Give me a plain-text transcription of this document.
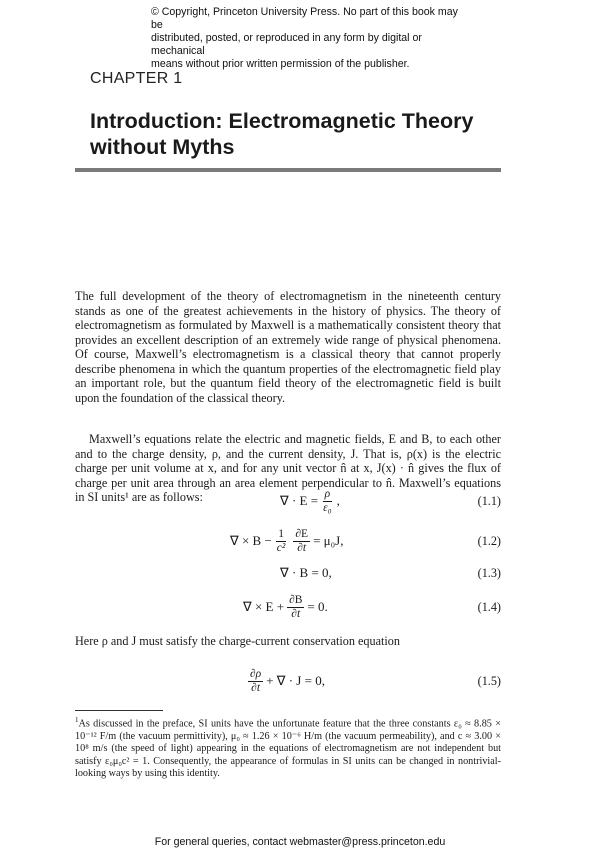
© Copyright, Princeton University Press. No part of this book may be
distributed, posted, or reproduced in any form by digital or mechanical
means without prior written permission of the publisher.
CHAPTER 1
Introduction: Electromagnetic Theory
without Myths

The full development of the theory of electromagnetism in the nineteenth century stands as one of the greatest achievements in the history of physics. The theory of electromagnetism as formulated by Maxwell is a mathematically consistent theory that provides an excellent description of an extremely wide range of physical phenomena. Of course, Maxwell’s electromagnetism is a classical theory that cannot properly describe phenomena in which the quantum properties of the electromagnetic field play an important role, but the quantum field theory of the electromagnetic field is built upon the foundation of the classical theory.

Maxwell’s equations relate the electric and magnetic fields, E and B, to each other and to the charge density, ρ, and the current density, J. That is, ρ(x) is the electric charge per unit volume at x, and for any unit vector n̂ at x, J(x) · n̂ gives the flux of charge per unit area through an area element perpendicular to n̂. Maxwell’s equations in SI units¹ are as follows:	∇ · $E = \frac{\rho}{\text{ε₀}}$ ,	(1.1)
∇ × $B - \frac{1}{\text{c²}} \frac{\partial E}{\partial t} = \mu_0J$,	(1.2)
∇ · B = 0,	(1.3)
∇ × $E + \frac{\partial B}{\partial t} = 0$.	(1.4)

Here ρ and J must satisfy the charge-current conservation equation

$\frac{\partial\rho}{\partial t}$ + ∇ · J = 0,	(1.5)

$^1$As discussed in the preface, SI units have the unfortunate feature that the three constants ε₀ ≈ 8.85 × 10⁻¹² F/m (the vacuum permittivity), μ₀ ≈ 1.26 × 10⁻⁶ H/m (the vacuum permeability), and c ≈ 3.00 × 10⁸ m/s (the speed of light) appearing in the equations of electromagnetism are not independent but satisfy ε₀μ₀c² = 1. Consequently, the appearance of formulas in SI units can be changed in nontrivial-looking ways by using this identity.

For general queries, contact webmaster@press.princeton.edu
